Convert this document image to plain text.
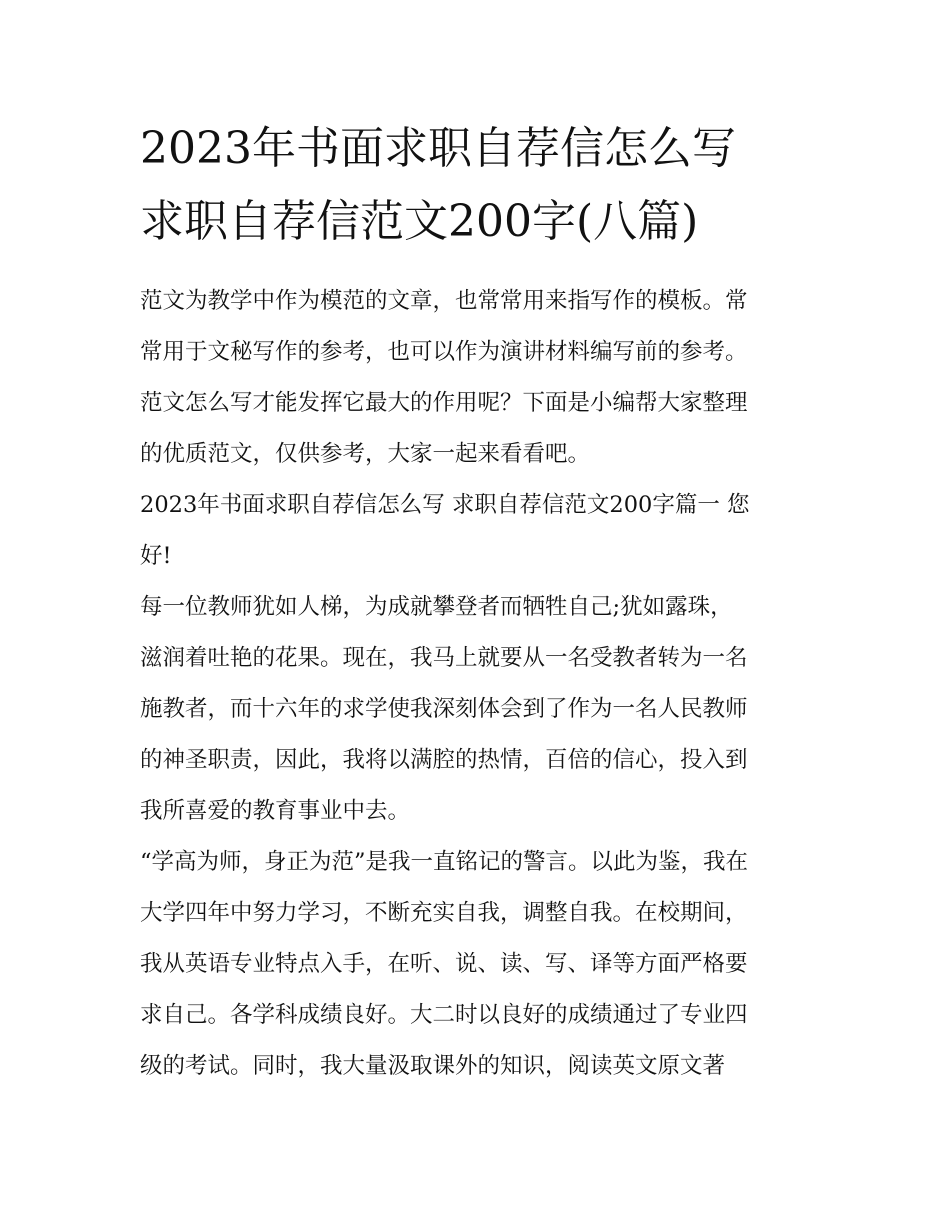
2023年书面求职自荐信怎么写
求职自荐信范文200字(八篇)

范文为教学中作为模范的文章，也常常用来指写作的模板。常
常用于文秘写作的参考，也可以作为演讲材料编写前的参考。
范文怎么写才能发挥它最大的作用呢？下面是小编帮大家整理
的优质范文，仅供参考，大家一起来看看吧。

2023年书面求职自荐信怎么写 求职自荐信范文200字篇一 您
好!

每一位教师犹如人梯，为成就攀登者而牺牲自己;犹如露珠，
滋润着吐艳的花果。现在，我马上就要从一名受教者转为一名
施教者，而十六年的求学使我深刻体会到了作为一名人民教师
的神圣职责，因此，我将以满腔的热情，百倍的信心，投入到
我所喜爱的教育事业中去。

“学高为师，身正为范”是我一直铭记的警言。以此为鉴，我在
大学四年中努力学习，不断充实自我，调整自我。在校期间，
我从英语专业特点入手，在听、说、读、写、译等方面严格要
求自己。各学科成绩良好。大二时以良好的成绩通过了专业四
级的考试。同时，我大量汲取课外的知识，阅读英文原文著
